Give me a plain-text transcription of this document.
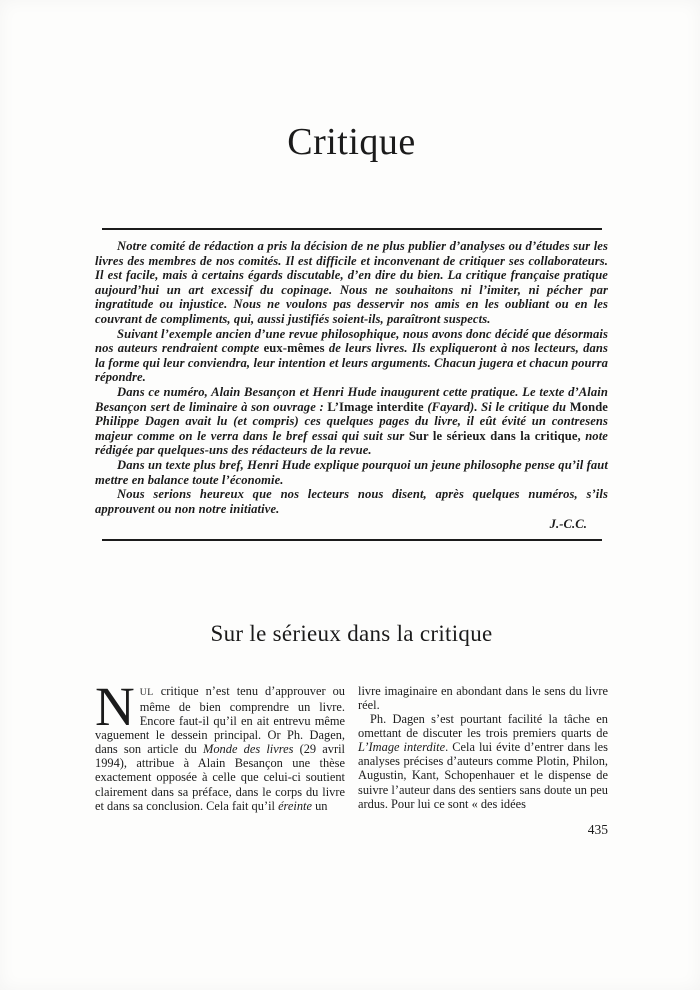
Critique

Notre comité de rédaction a pris la décision de ne plus publier d’analyses ou d’études sur les livres des membres de nos comités. Il est difficile et inconvenant de critiquer ses collaborateurs. Il est facile, mais à certains égards discutable, d’en dire du bien. La critique française pratique aujourd’hui un art excessif du copinage. Nous ne souhaitons ni l’imiter, ni pécher par ingratitude ou injustice. Nous ne voulons pas desservir nos amis en les oubliant ou en les couvrant de compliments, qui, aussi justifiés soient-ils, paraîtront suspects.

Suivant l’exemple ancien d’une revue philosophique, nous avons donc décidé que désormais nos auteurs rendraient compte eux-mêmes de leurs livres. Ils expliqueront à nos lecteurs, dans la forme qui leur conviendra, leur intention et leurs arguments. Chacun jugera et chacun pourra répondre.

Dans ce numéro, Alain Besançon et Henri Hude inaugurent cette pratique. Le texte d’Alain Besançon sert de liminaire à son ouvrage : L’Image interdite (Fayard). Si le critique du Monde Philippe Dagen avait lu (et compris) ces quelques pages du livre, il eût évité un contresens majeur comme on le verra dans le bref essai qui suit sur Sur le sérieux dans la critique, note rédigée par quelques-uns des rédacteurs de la revue.

Dans un texte plus bref, Henri Hude explique pourquoi un jeune philosophe pense qu’il faut mettre en balance toute l’économie.

Nous serions heureux que nos lecteurs nous disent, après quelques numéros, s’ils approuvent ou non notre initiative.

J.-C.C.

Sur le sérieux dans la critique

NUL critique n’est tenu d’approuver ou même de bien comprendre un livre. Encore faut-il qu’il en ait entrevu même vaguement le dessein principal. Or Ph. Dagen, dans son article du Monde des livres (29 avril 1994), attribue à Alain Besançon une thèse exactement opposée à celle que celui-ci soutient clairement dans sa préface, dans le corps du livre et dans sa conclusion. Cela fait qu’il éreinte un

livre imaginaire en abondant dans le sens du livre réel.

Ph. Dagen s’est pourtant facilité la tâche en omettant de discuter les trois premiers quarts de L’Image interdite. Cela lui évite d’entrer dans les analyses précises d’auteurs comme Plotin, Philon, Augustin, Kant, Schopenhauer et le dispense de suivre l’auteur dans des sentiers sans doute un peu ardus. Pour lui ce sont « des idées

435
